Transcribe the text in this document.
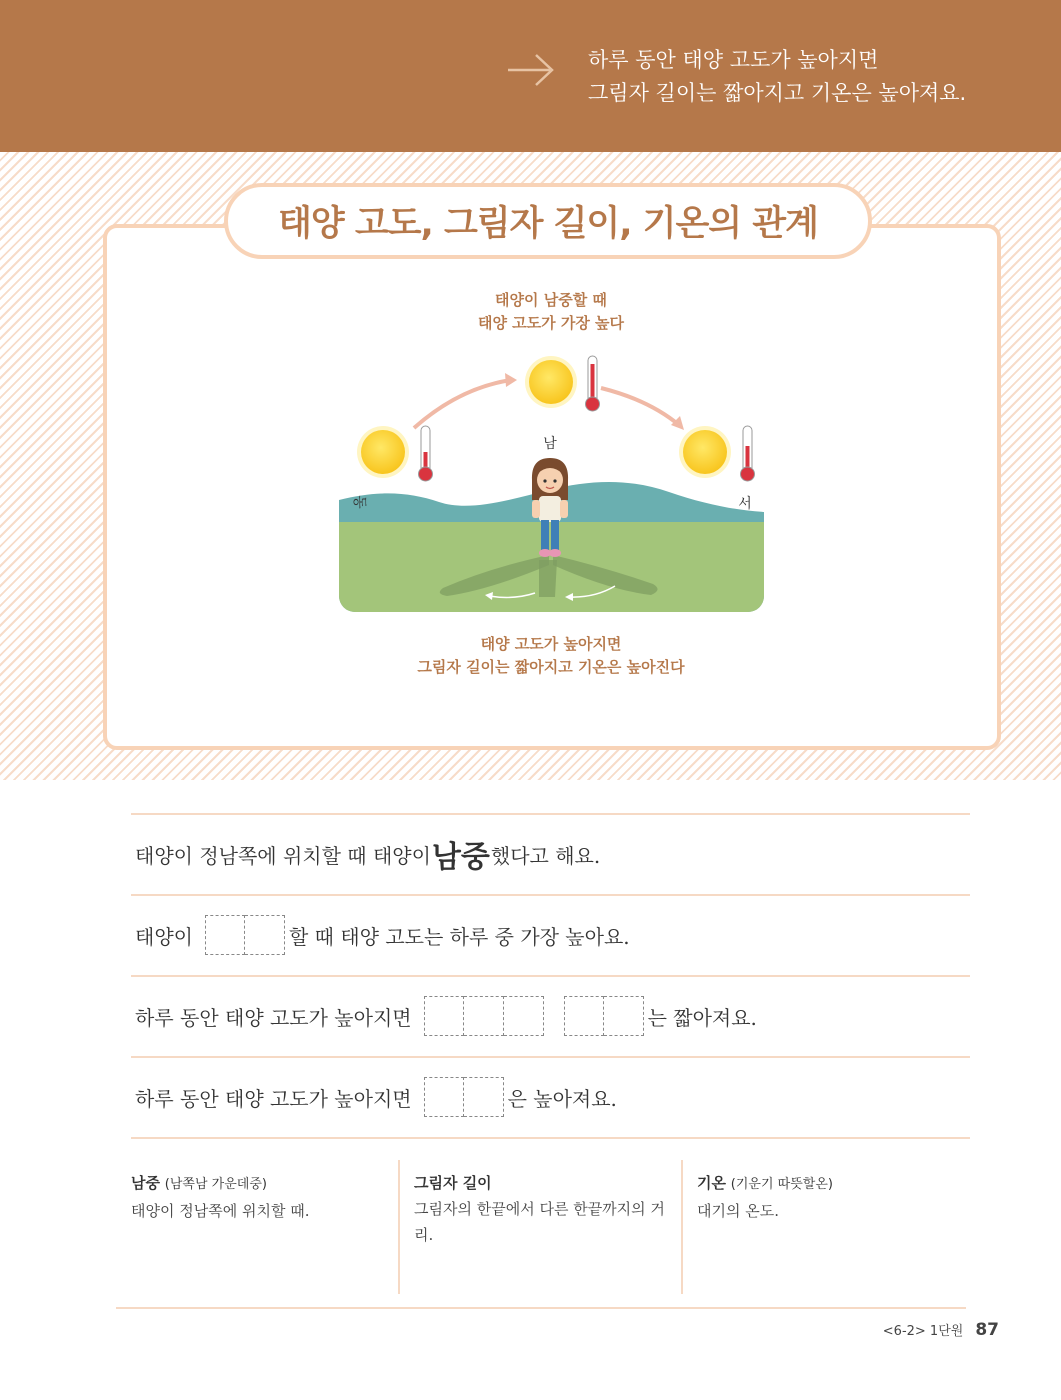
하루 동안 태양 고도가 높아지면
그림자 길이는 짧아지고 기온은 높아져요.
태양 고도, 그림자 길이, 기온의 관계
태양이 남중할 때
태양 고도가 가장 높다
남
동	서
태양 고도가 높아지면
그림자 길이는 짧아지고 기온은 높아진다
태양이 정남쪽에 위치할 때 태양이 남중 했다고 해요.
태양이	할 때 태양 고도는 하루 중 가장 높아요.
하루 동안 태양 고도가 높아지면	는 짧아져요.
하루 동안 태양 고도가 높아지면	은 높아져요.
남중 (남쪽남 가운데중)
태양이 정남쪽에 위치할 때.
그림자 길이
그림자의 한끝에서 다른 한끝까지의 거리.
기온 (기운기 따뜻할온)
대기의 온도.
<6-2> 1단원 87
